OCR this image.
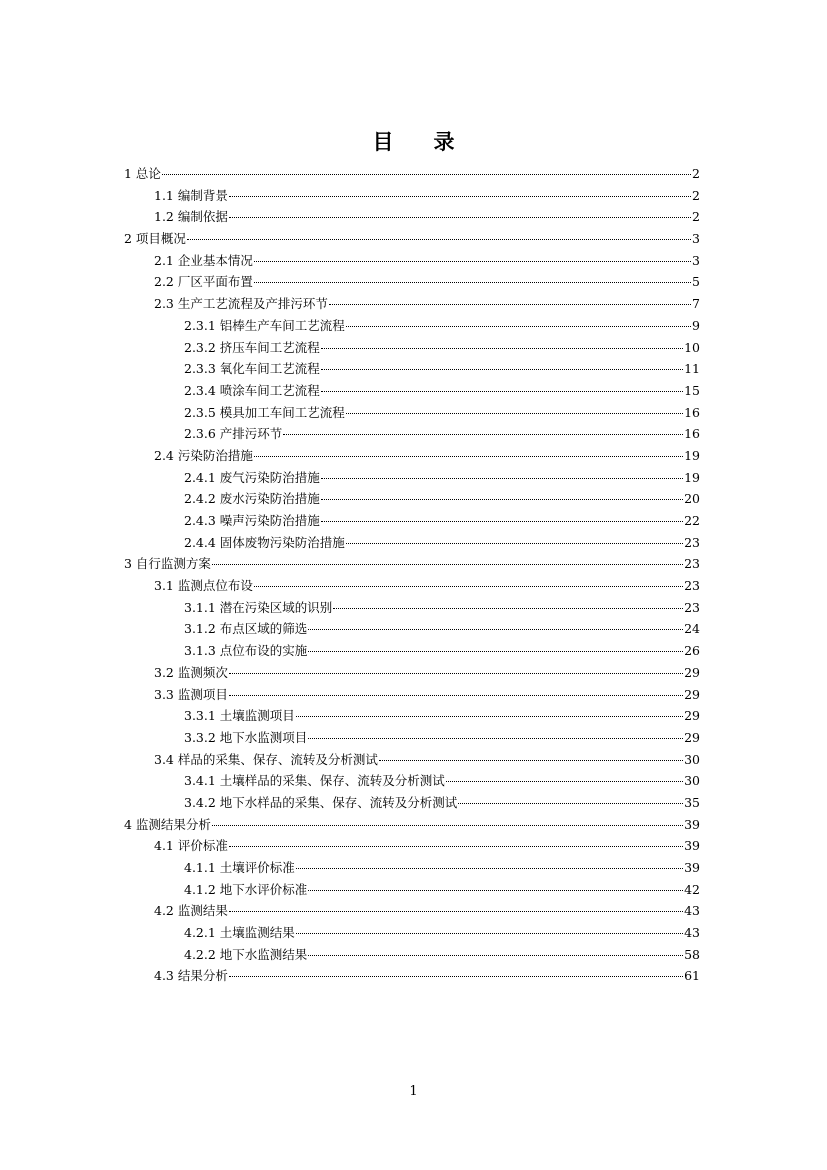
目 录
1 总论	2
1.1 编制背景	2
1.2 编制依据	2
2 项目概况	3
2.1 企业基本情况	3
2.2 厂区平面布置	5
2.3 生产工艺流程及产排污环节	7
2.3.1 铝棒生产车间工艺流程	9
2.3.2 挤压车间工艺流程	10
2.3.3 氧化车间工艺流程	11
2.3.4 喷涂车间工艺流程	15
2.3.5 模具加工车间工艺流程	16
2.3.6 产排污环节	16
2.4 污染防治措施	19
2.4.1 废气污染防治措施	19
2.4.2 废水污染防治措施	20
2.4.3 噪声污染防治措施	22
2.4.4 固体废物污染防治措施	23
3 自行监测方案	23
3.1 监测点位布设	23
3.1.1 潜在污染区域的识别	23
3.1.2 布点区域的筛选	24
3.1.3 点位布设的实施	26
3.2 监测频次	29
3.3 监测项目	29
3.3.1 土壤监测项目	29
3.3.2 地下水监测项目	29
3.4 样品的采集、保存、流转及分析测试	30
3.4.1 土壤样品的采集、保存、流转及分析测试	30
3.4.2 地下水样品的采集、保存、流转及分析测试	35
4 监测结果分析	39
4.1 评价标准	39
4.1.1 土壤评价标准	39
4.1.2 地下水评价标准	42
4.2 监测结果	43
4.2.1 土壤监测结果	43
4.2.2 地下水监测结果	58
4.3 结果分析	61
1
